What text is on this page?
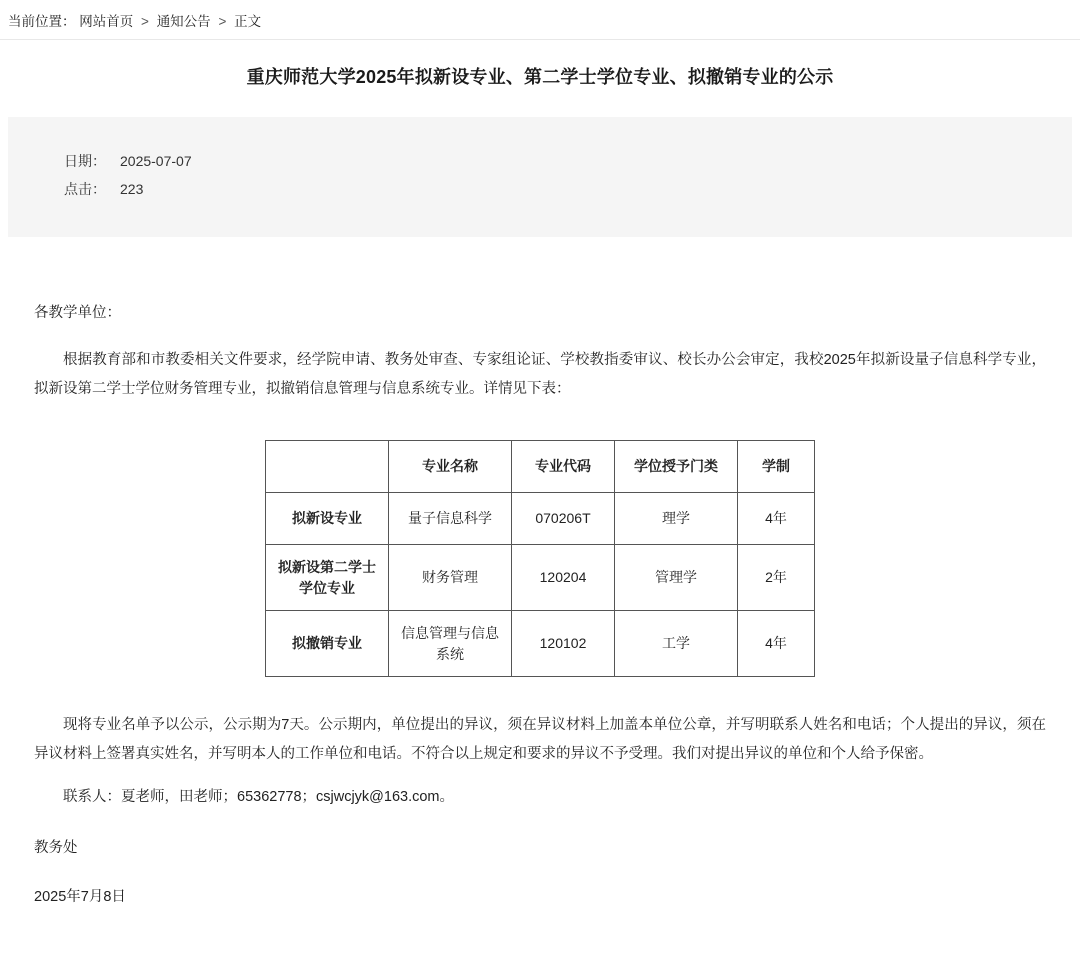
当前位置： 网站首页 > 通知公告 > 正文
重庆师范大学2025年拟新设专业、第二学士学位专业、拟撤销专业的公示
日期： 2025-07-07
点击： 223

各教学单位：

根据教育部和市教委相关文件要求，经学院申请、教务处审查、专家组论证、学校教指委审议、校长办公会审定，我校2025年拟新设量子信息科学专业，拟新设第二学士学位财务管理专业，拟撤销信息管理与信息系统专业。详情见下表：

	专业名称	专业代码	学位授予门类	学制
拟新设专业	量子信息科学	070206T	理学	4年
拟新设第二学士学位专业	财务管理	120204	管理学	2年
拟撤销专业	信息管理与信息系统	120102	工学	4年

现将专业名单予以公示，公示期为7天。公示期内，单位提出的异议，须在异议材料上加盖本单位公章，并写明联系人姓名和电话；个人提出的异议，须在异议材料上签署真实姓名，并写明本人的工作单位和电话。不符合以上规定和要求的异议不予受理。我们对提出异议的单位和个人给予保密。

联系人：夏老师，田老师；65362778；csjwcjyk@163.com。

教务处

2025年7月8日
